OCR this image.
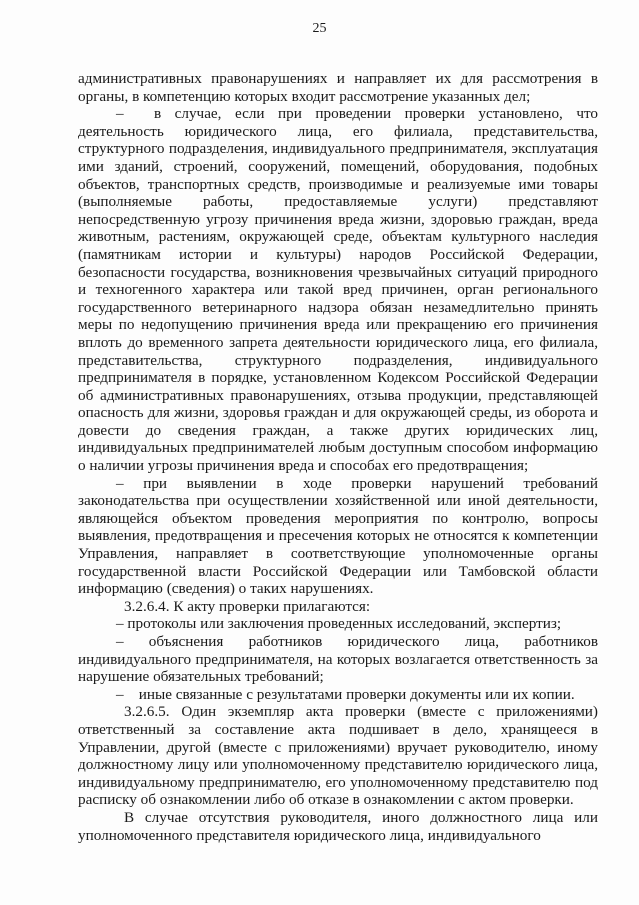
25

административных правонарушениях и направляет их для рассмотрения в органы, в компетенцию которых входит рассмотрение указанных дел;

–  в случае, если при проведении проверки установлено, что деятельность юридического лица, его филиала, представительства, структурного подразделения, индивидуального предпринимателя, эксплуатация ими зданий, строений, сооружений, помещений, оборудования, подобных объектов, транспортных средств, производимые и реализуемые ими товары (выполняемые работы, предоставляемые услуги) представляют непосредственную угрозу причинения вреда жизни, здоровью граждан, вреда животным, растениям, окружающей среде, объектам культурного наследия (памятникам истории и культуры) народов Российской Федерации, безопасности государства, возникновения чрезвычайных ситуаций природного и техногенного характера или такой вред причинен, орган регионального государственного ветеринарного надзора обязан незамедлительно принять меры по недопущению причинения вреда или прекращению его причинения вплоть до временного запрета деятельности юридического лица, его филиала, представительства, структурного подразделения, индивидуального предпринимателя в порядке, установленном Кодексом Российской Федерации об административных правонарушениях, отзыва продукции, представляющей опасность для жизни, здоровья граждан и для окружающей среды, из оборота и довести до сведения граждан, а также других юридических лиц, индивидуальных предпринимателей любым доступным способом информацию о наличии угрозы причинения вреда и способах его предотвращения;

– при выявлении в ходе проверки нарушений требований законодательства при осуществлении хозяйственной или иной деятельности, являющейся объектом проведения мероприятия по контролю, вопросы выявления, предотвращения и пресечения которых не относятся к компетенции Управления, направляет в соответствующие уполномоченные органы государственной власти Российской Федерации или Тамбовской области информацию (сведения) о таких нарушениях.

3.2.6.4. К акту проверки прилагаются:

– протоколы или заключения проведенных исследований, экспертиз;

– объяснения работников юридического лица, работников индивидуального предпринимателя, на которых возлагается ответственность за нарушение обязательных требований;

– иные связанные с результатами проверки документы или их копии.

3.2.6.5. Один экземпляр акта проверки (вместе с приложениями) ответственный за составление акта подшивает в дело, хранящееся в Управлении, другой (вместе с приложениями) вручает руководителю, иному должностному лицу или уполномоченному представителю юридического лица, индивидуальному предпринимателю, его уполномоченному представителю под расписку об ознакомлении либо об отказе в ознакомлении с актом проверки.

В случае отсутствия руководителя, иного должностного лица или уполномоченного представителя юридического лица, индивидуального
